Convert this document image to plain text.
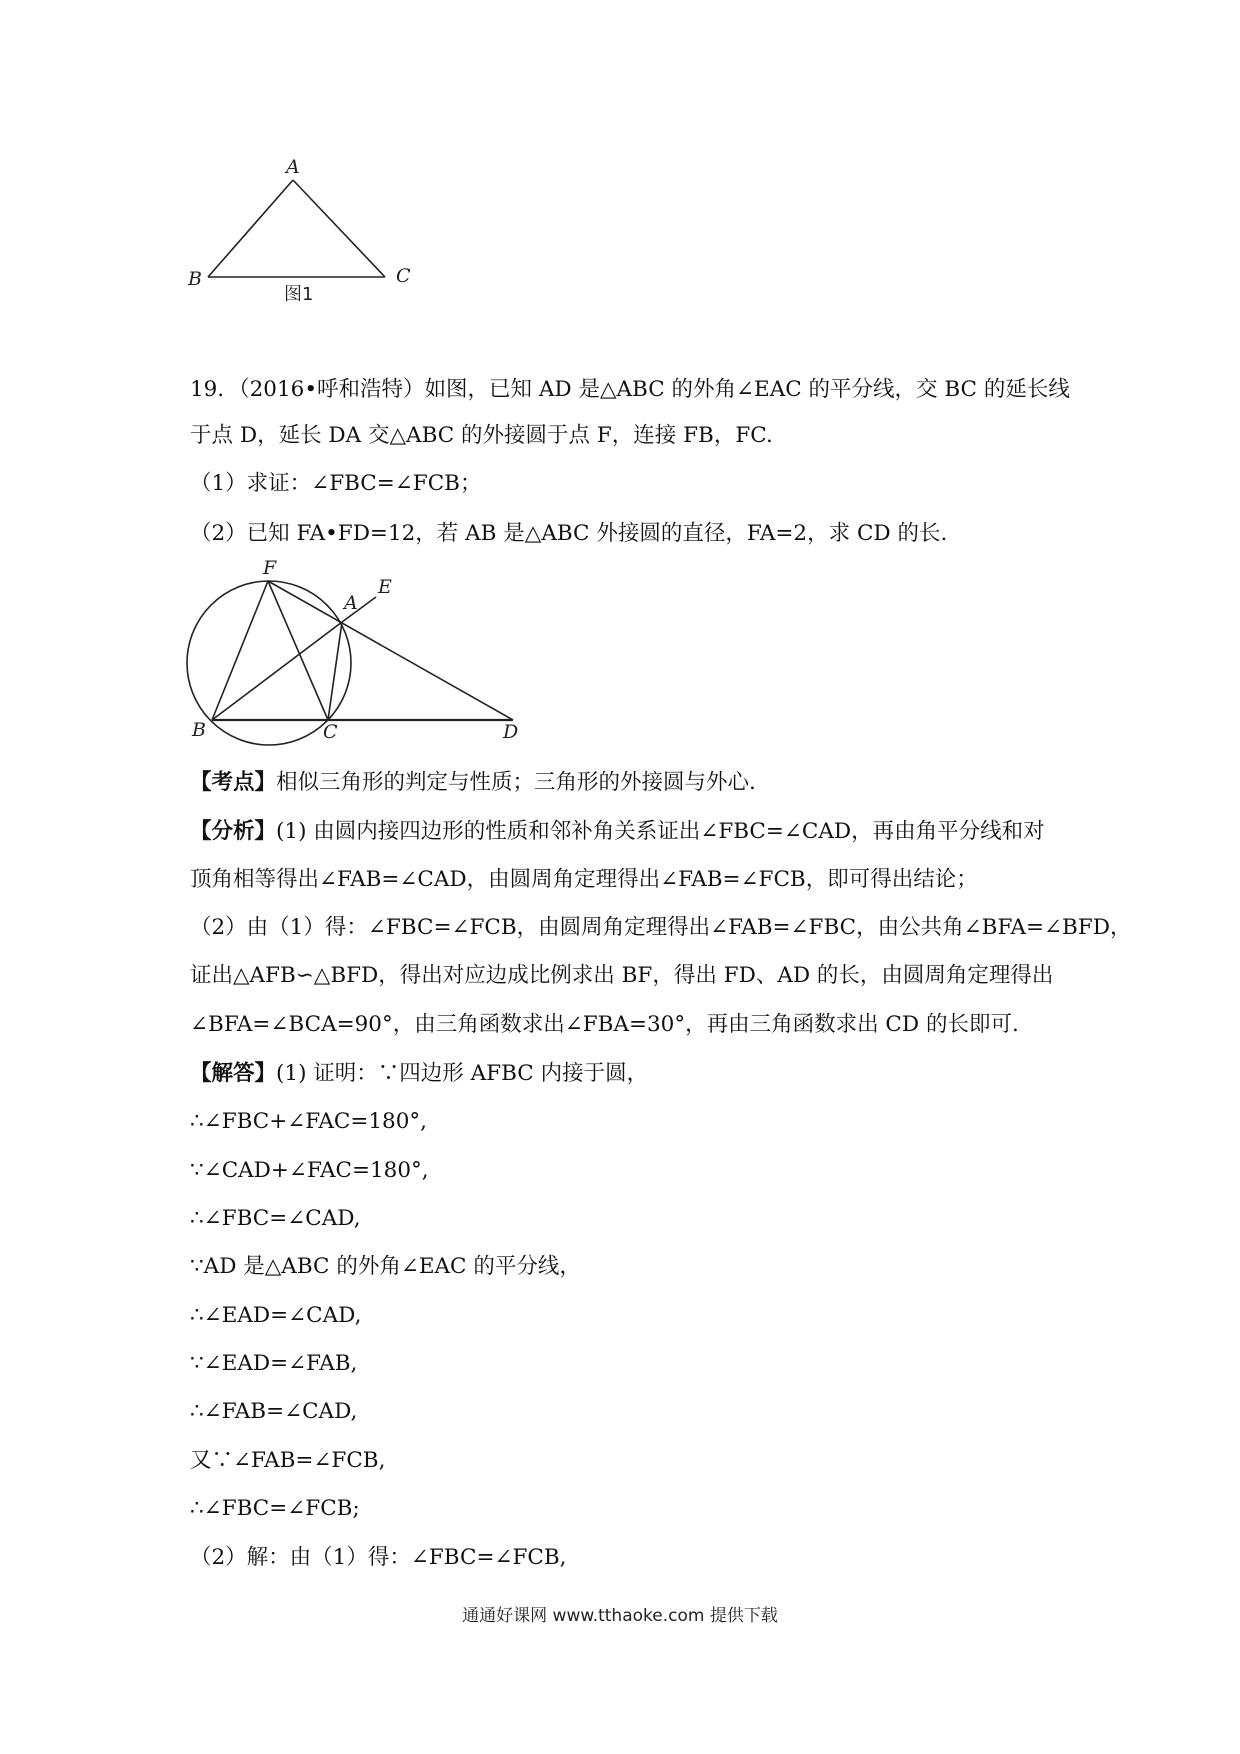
A
B	C
图1
19．（2016•呼和浩特）如图，已知 AD 是△ABC 的外角∠EAC 的平分线，交 BC 的延长线
于点 D，延长 DA 交△ABC 的外接圆于点 F，连接 FB，FC.
（1）求证：∠FBC=∠FCB；
（2）已知 FA•FD=12，若 AB 是△ABC 外接圆的直径，FA=2，求 CD 的长.
F
E
A
B	C	D
【考点】相似三角形的判定与性质；三角形的外接圆与外心.
【分析】(1) 由圆内接四边形的性质和邻补角关系证出∠FBC=∠CAD，再由角平分线和对
顶角相等得出∠FAB=∠CAD，由圆周角定理得出∠FAB=∠FCB，即可得出结论；
（2）由（1）得：∠FBC=∠FCB，由圆周角定理得出∠FAB=∠FBC，由公共角∠BFA=∠BFD，
证出△AFB∽△BFD，得出对应边成比例求出 BF，得出 FD、AD 的长，由圆周角定理得出
∠BFA=∠BCA=90°，由三角函数求出∠FBA=30°，再由三角函数求出 CD 的长即可.
【解答】(1) 证明：∵四边形 AFBC 内接于圆，
∴∠FBC+∠FAC=180°,
∵∠CAD+∠FAC=180°,
∴∠FBC=∠CAD,
∵AD 是△ABC 的外角∠EAC 的平分线，
∴∠EAD=∠CAD,
∵∠EAD=∠FAB,
∴∠FAB=∠CAD,
又∵∠FAB=∠FCB,
∴∠FBC=∠FCB;
（2）解：由（1）得：∠FBC=∠FCB,
通通好课网 www.tthaoke.com 提供下载
